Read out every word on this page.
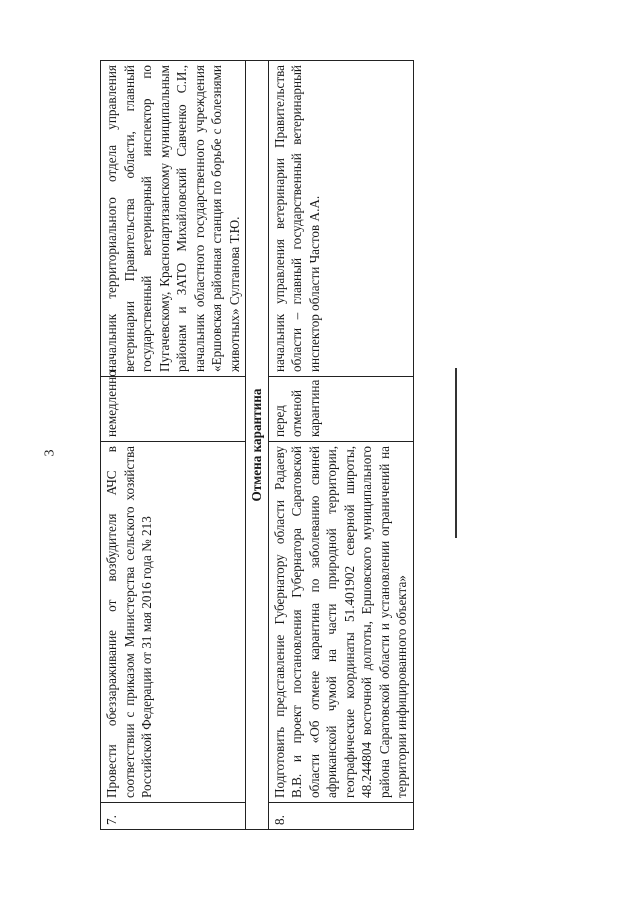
3
7.	Провести обеззараживание от возбудителя АЧС в соответствии с приказом Министерства сельского хозяйства Российской Федерации от 31 мая 2016 года № 213	немедленно	начальник территориального отдела управления ветеринарии Правительства области, главный государственный ветеринарный инспектор по Пугачевскому, Краснопартизанскому муниципальным районам и ЗАТО Михайловский Савченко С.И., начальник областного государственного учреждения «Ершовская районная станция по борьбе с болезнями животных» Султанова Т.Ю.
Отмена карантина			
8.	Подготовить представление Губернатору области Радаеву В.В. и проект постановления Губернатора Саратовской области «Об отмене карантина по заболеванию свиней африканской чумой на части природной территории, географические координаты 51.401902 северной широты, 48.244804 восточной долготы, Ершовского муниципального района Саратовской области и установлении ограничений на территории инфицированного объекта»	перед отменой карантина	начальник управления ветеринарии Правительства области – главный государственный ветеринарный инспектор области Частов А.А.
